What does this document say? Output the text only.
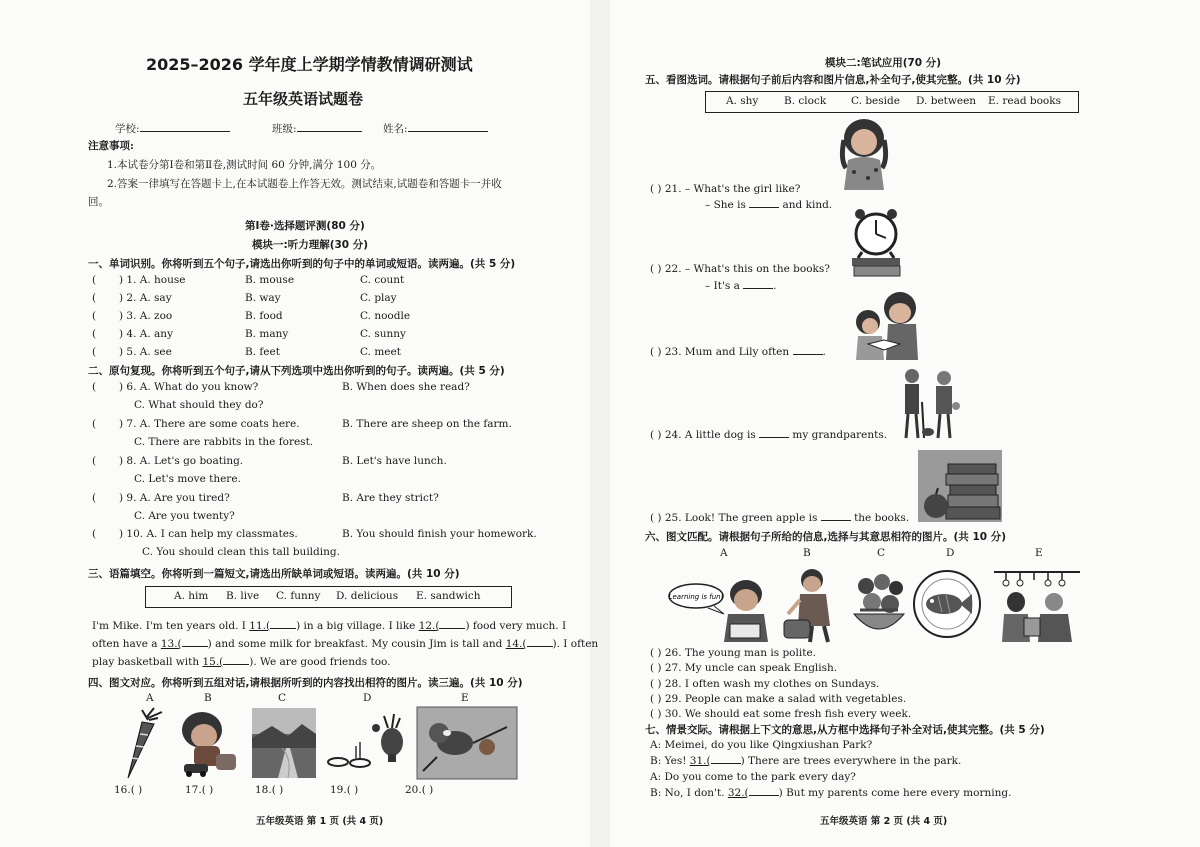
2025–2026 学年度上学期学情教情调研测试
五年级英语试题卷
学校:	班级:	姓名:
注意事项:
1.本试卷分第Ⅰ卷和第Ⅱ卷,测试时间 60 分钟,满分 100 分。
2.答案一律填写在答题卡上,在本试题卷上作答无效。测试结束,试题卷和答题卡一并收
回。
第Ⅰ卷·选择题评测(80 分)
模块一:听力理解(30 分)
一、单词识别。你将听到五个句子,请选出你听到的句子中的单词或短语。读两遍。(共 5 分)
( ) 1. A. house	B. mouse	C. count
( ) 2. A. say	B. way	C. play
( ) 3. A. zoo	B. food	C. noodle
( ) 4. A. any	B. many	C. sunny
( ) 5. A. see	B. feet	C. meet
二、原句复现。你将听到五个句子,请从下列选项中选出你听到的句子。读两遍。(共 5 分)
( ) 6. A. What do you know?	B. When does she read?
C. What should they do?
( ) 7. A. There are some coats here.	B. There are sheep on the farm.
C. There are rabbits in the forest.
( ) 8. A. Let's go boating.	B. Let's have lunch.
C. Let's move there.
( ) 9. A. Are you tired?	B. Are they strict?
C. Are you twenty?
( ) 10. A. I can help my classmates.	B. You should finish your homework.
C. You should clean this tall building.
三、语篇填空。你将听到一篇短文,请选出所缺单词或短语。读两遍。(共 10 分)
A. him B. live C. funny D. delicious E. sandwich
I'm Mike. I'm ten years old. I 11.( ) in a big village. I like 12.( ) food very much. I
often have a 13.( ) and some milk for breakfast. My cousin Jim is tall and 14.( ). I often
play basketball with 15.( ). We are good friends too.
四、图文对应。你将听到五组对话,请根据所听到的内容找出相符的图片。读三遍。(共 10 分)
A	B	C	D	E
16.( )	17.( )	18.( )	19.( )	20.( )
五年级英语 第 1 页 (共 4 页)
模块二:笔试应用(70 分)
五、看图选词。请根据句子前后内容和图片信息,补全句子,使其完整。(共 10 分)
A. shy B. clock C. beside D. between E. read books
( ) 21. – What's the girl like?
– She is	and kind.
( ) 22. – What's this on the books?
– It's a	.
( ) 23. Mum and Lily often	.
( ) 24. A little dog is	my grandparents.
( ) 25. Look! The green apple is	the books.
六、图文匹配。请根据句子所给的信息,选择与其意思相符的图片。(共 10 分)
A	B	C	D	E
Learning is fun!
( ) 26. The young man is polite.
( ) 27. My uncle can speak English.
( ) 28. I often wash my clothes on Sundays.
( ) 29. People can make a salad with vegetables.
( ) 30. We should eat some fresh fish every week.
七、情景交际。请根据上下文的意思,从方框中选择句子补全对话,使其完整。(共 5 分)
A: Meimei, do you like Qingxiushan Park?
B: Yes! 31.(	) There are trees everywhere in the park.
A: Do you come to the park every day?
B: No, I don't. 32.(	) But my parents come here every morning.
五年级英语 第 2 页 (共 4 页)
